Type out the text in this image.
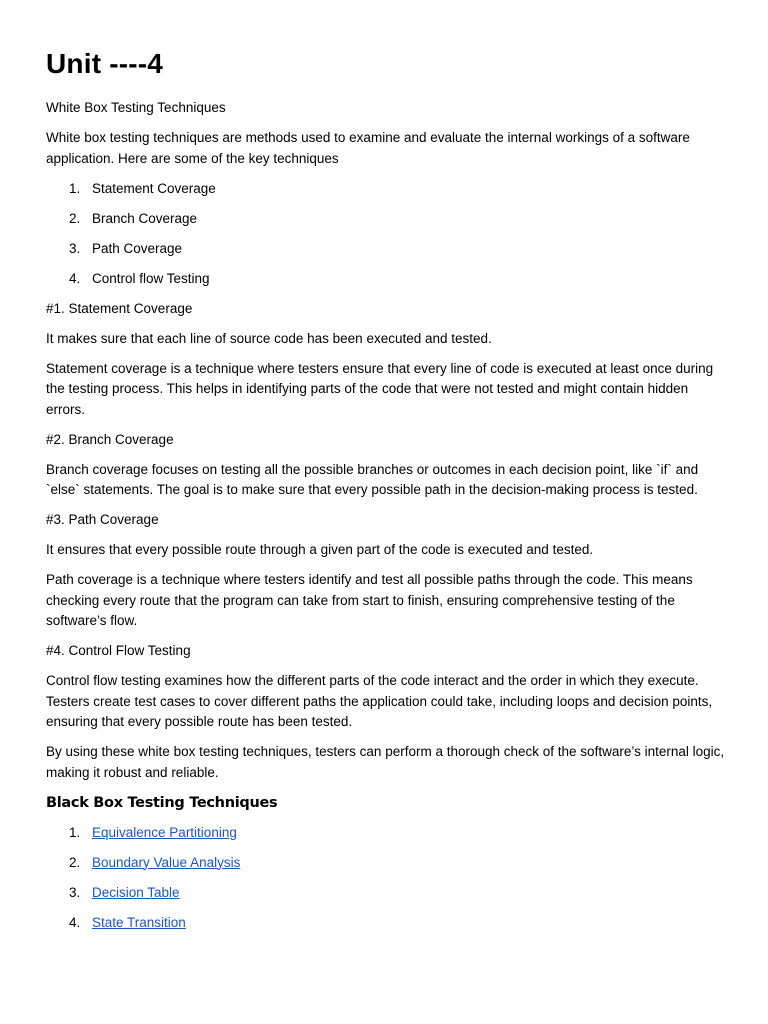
Unit ----4

White Box Testing Techniques

White box testing techniques are methods used to examine and evaluate the internal workings of a software application. Here are some of the key techniques

1. Statement Coverage
2. Branch Coverage
3. Path Coverage
4. Control flow Testing

#1. Statement Coverage

It makes sure that each line of source code has been executed and tested.

Statement coverage is a technique where testers ensure that every line of code is executed at least once during the testing process. This helps in identifying parts of the code that were not tested and might contain hidden errors.

#2. Branch Coverage

Branch coverage focuses on testing all the possible branches or outcomes in each decision point, like `if` and `else` statements. The goal is to make sure that every possible path in the decision-making process is tested.

#3. Path Coverage

It ensures that every possible route through a given part of the code is executed and tested.

Path coverage is a technique where testers identify and test all possible paths through the code. This means checking every route that the program can take from start to finish, ensuring comprehensive testing of the software’s flow.

#4. Control Flow Testing

Control flow testing examines how the different parts of the code interact and the order in which they execute. Testers create test cases to cover different paths the application could take, including loops and decision points, ensuring that every possible route has been tested.

By using these white box testing techniques, testers can perform a thorough check of the software’s internal logic, making it robust and reliable.

Black Box Testing Techniques
1. Equivalence Partitioning
2. Boundary Value Analysis
3. Decision Table
4. State Transition
